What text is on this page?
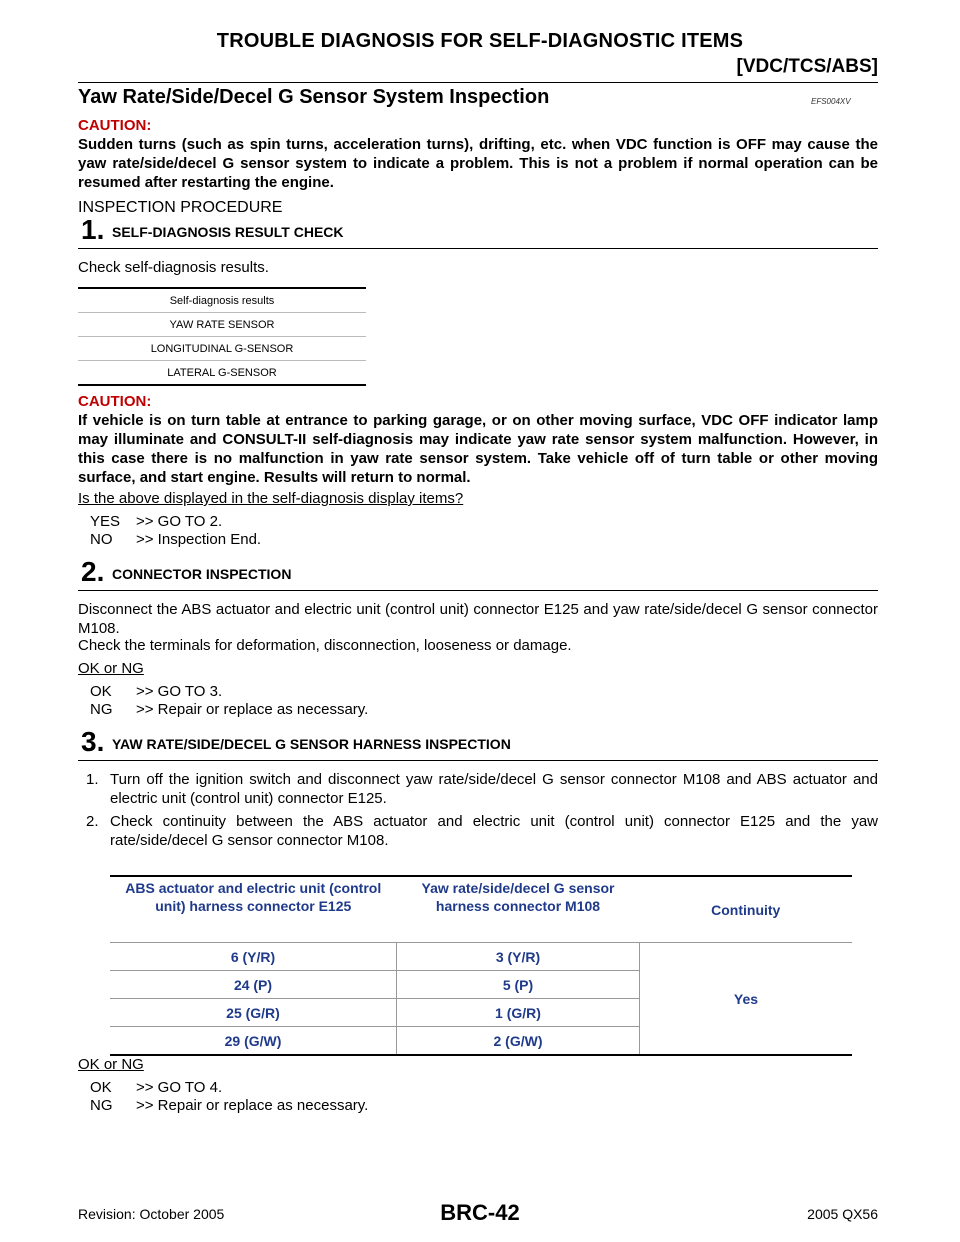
TROUBLE DIAGNOSIS FOR SELF-DIAGNOSTIC ITEMS
[VDC/TCS/ABS]
Yaw Rate/Side/Decel G Sensor System Inspection	EFS004XV
CAUTION:
Sudden turns (such as spin turns, acceleration turns), drifting, etc. when VDC function is OFF may cause the yaw rate/side/decel G sensor system to indicate a problem. This is not a problem if normal operation can be resumed after restarting the engine.
INSPECTION PROCEDURE
1. SELF-DIAGNOSIS RESULT CHECK
Check self-diagnosis results.
Self-diagnosis results
YAW RATE SENSOR
LONGITUDINAL G-SENSOR
LATERAL G-SENSOR
CAUTION:
If vehicle is on turn table at entrance to parking garage, or on other moving surface, VDC OFF indicator lamp may illuminate and CONSULT-II self-diagnosis may indicate yaw rate sensor system malfunction. However, in this case there is no malfunction in yaw rate sensor system. Take vehicle off of turn table or other moving surface, and start engine. Results will return to normal.
Is the above displayed in the self-diagnosis display items?
YES >> GO TO 2.
NO >> Inspection End.
2. CONNECTOR INSPECTION
Disconnect the ABS actuator and electric unit (control unit) connector E125 and yaw rate/side/decel G sensor connector M108.
Check the terminals for deformation, disconnection, looseness or damage.
OK or NG
OK >> GO TO 3.
NG >> Repair or replace as necessary.
3. YAW RATE/SIDE/DECEL G SENSOR HARNESS INSPECTION
1. Turn off the ignition switch and disconnect yaw rate/side/decel G sensor connector M108 and ABS actuator and electric unit (control unit) connector E125.
2. Check continuity between the ABS actuator and electric unit (control unit) connector E125 and the yaw rate/side/decel G sensor connector M108.
ABS actuator and electric unit (control unit) harness connector E125	Yaw rate/side/decel G sensor harness connector M108	Continuity
6 (Y/R)	3 (Y/R)	Yes
24 (P)	5 (P)	
25 (G/R)	1 (G/R)	
29 (G/W)	2 (G/W)	
OK or NG
OK >> GO TO 4.
NG >> Repair or replace as necessary.
Revision: October 2005	BRC-42	2005 QX56
